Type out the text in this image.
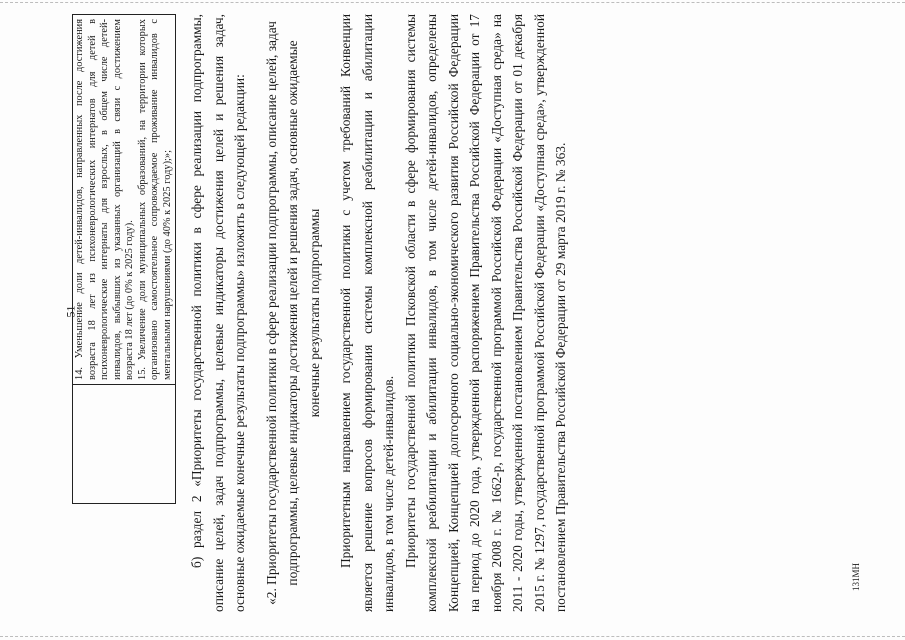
51

14. Уменьшение доли детей-инвалидов, направленных после достижения возраста 18 лет из психоневрологических интернатов для детей в психоневрологические интернаты для взрослых, в общем числе детей-инвалидов, выбывших из указанных организаций в связи с достижением возраста 18 лет (до 0% к 2025 году). 15. Увеличение доли муниципальных образований, на территории которых организовано самостоятельное сопровождаемое проживание инвалидов с ментальными нарушениями (до 40% к 2025 году);»; б) раздел 2 «Приоритеты государственной политики в сфере реализации подпрограммы, описание целей, задач подпрограммы, целевые индикаторы достижения целей и решения задач, основные ожидаемые конечные результаты подпрограммы» изложить в следующей редакции: «2. Приоритеты государственной политики в сфере реализации подпрограммы, описание целей, задач подпрограммы, целевые индикаторы достижения целей и решения задач, основные ожидаемые конечные результаты подпрограммы Приоритетным направлением государственной политики с учетом требований Конвенции является решение вопросов формирования системы комплексной реабилитации и абилитации инвалидов, в том числе детей-инвалидов. Приоритеты государственной политики Псковской области в сфере формирования системы комплексной реабилитации и абилитации инвалидов, в том числе детей-инвалидов, определены Концепцией, Концепцией долгосрочного социально-экономического развития Российской Федерации на период до 2020 года, утвержденной распоряжением Правительства Российской Федерации от 17 ноября 2008 г. № 1662-р, государственной программой Российской Федерации «Доступная среда» на 2011 - 2020 годы, утвержденной постановлением Правительства Российской Федерации от 01 декабря 2015 г. № 1297, государственной программой Российской Федерации «Доступная среда», утвержденной постановлением Правительства Российской Федерации от 29 марта 2019 г. № 363.	131МН
